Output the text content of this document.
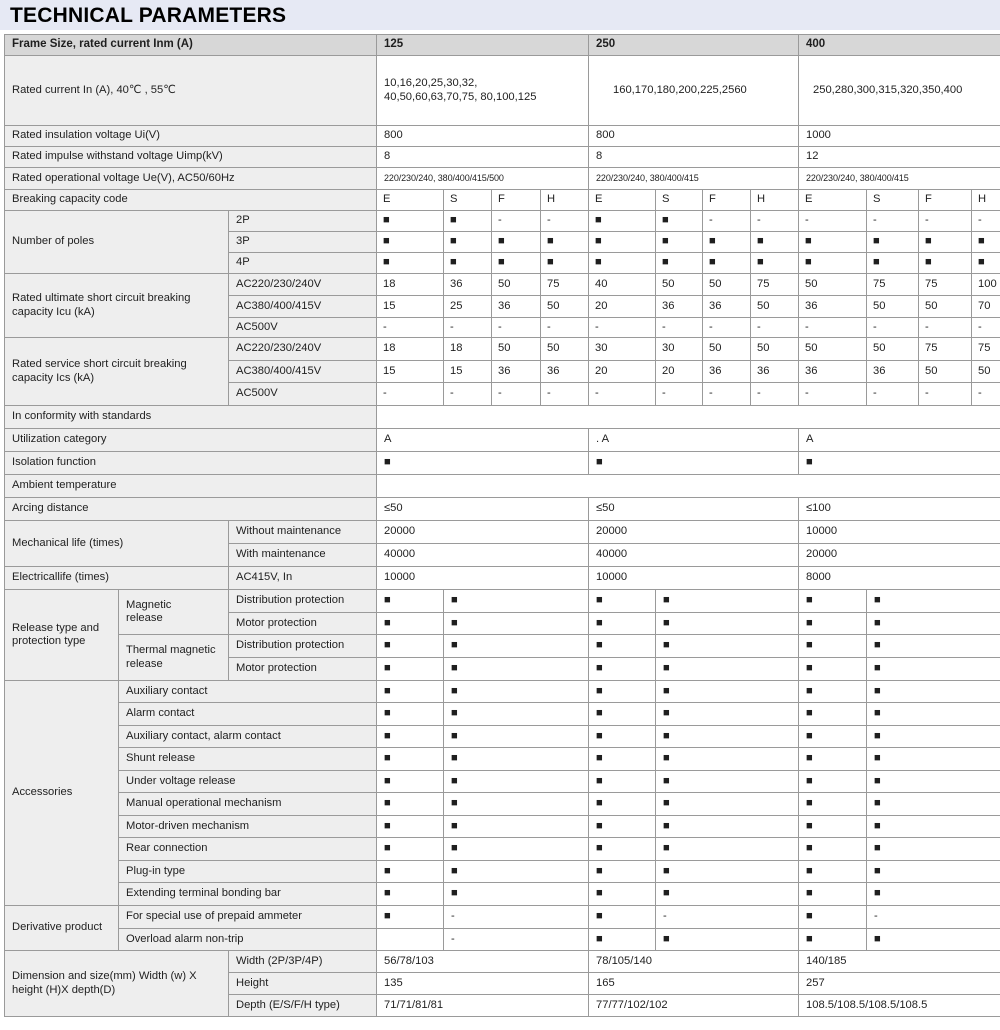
TECHNICAL PARAMETERS
Frame Size, rated current Inm (A)			125				250				400			
Rated current In (A), 40℃ , 55℃			10,16,20,25,30,32, 40,50,60,63,70,75, 80,100,125				160,170,180,200,225,2560				250,280,300,315,320,350,400			
Rated insulation voltage Ui(V)			800				800				1000			
Rated impulse withstand voltage Uimp(kV)			8				8				12			
Rated operational voltage Ue(V), AC50/60Hz			220/230/240, 380/400/415/500				220/230/240, 380/400/415				220/230/240, 380/400/415			
Breaking capacity code			E	S	F	H	E	S	F	H	E	S	F	H
Number of poles		2P	■	■	-	-	■	■	-	-	-	-	-	-
		3P	■	■	■	■	■	■	■	■	■	■	■	■
		4P	■	■	■	■	■	■	■	■	■	■	■	■
Rated ultimate short circuit breaking capacity Icu (kA)		AC220/230/240V	18	36	50	75	40	50	50	75	50	75	75	100
		AC380/400/415V	15	25	36	50	20	36	36	50	36	50	50	70
		AC500V	-	-	-	-	-	-	-	-	-	-	-	-
Rated service short circuit breaking capacity Ics (kA)		AC220/230/240V	18	18	50	50	30	30	50	50	50	50	75	75
		AC380/400/415V	15	15	36	36	20	20	36	36	36	36	50	50
		AC500V	-	-	-	-	-	-	-	-	-	-	-	-
In conformity with standards														
Utilization category			A				. A				A			
Isolation function			■				■				■			
Ambient temperature														
Arcing distance			≤50				≤50				≤100			
Mechanical life (times)		Without maintenance	20000				20000				10000			
		With maintenance	40000				40000				20000			
Electricallife (times)		AC415V, In	10000				10000				8000			
Release type and protection type	Magnetic release	Distribution protection	■	■			■	■			■	■		
		Motor protection	■	■			■	■			■	■		
	Thermal magnetic release	Distribution protection	■	■			■	■			■	■		
		Motor protection	■	■			■	■			■	■		
Accessories	Auxiliary contact		■	■			■	■			■	■		
	Alarm contact		■	■			■	■			■	■		
	Auxiliary contact, alarm contact		■	■			■	■			■	■		
	Shunt release		■	■			■	■			■	■		
	Under voltage release		■	■			■	■			■	■		
	Manual operational mechanism		■	■			■	■			■	■		
	Motor-driven mechanism		■	■			■	■			■	■		
	Rear connection		■	■			■	■			■	■		
	Plug-in type		■	■			■	■			■	■		
	Extending terminal bonding bar		■	■			■	■			■	■		
Derivative product	For special use of prepaid ammeter		■	-			■	-			■	-		
	Overload alarm non-trip			-			■	■			■	■		
Dimension and size(mm) Width (w) X height (H)X depth(D)		Width (2P/3P/4P)	56/78/103				78/105/140				140/185			
		Height	135				165				257			
		Depth (E/S/F/H type)	71/71/81/81				77/77/102/102				108.5/108.5/108.5/108.5			
